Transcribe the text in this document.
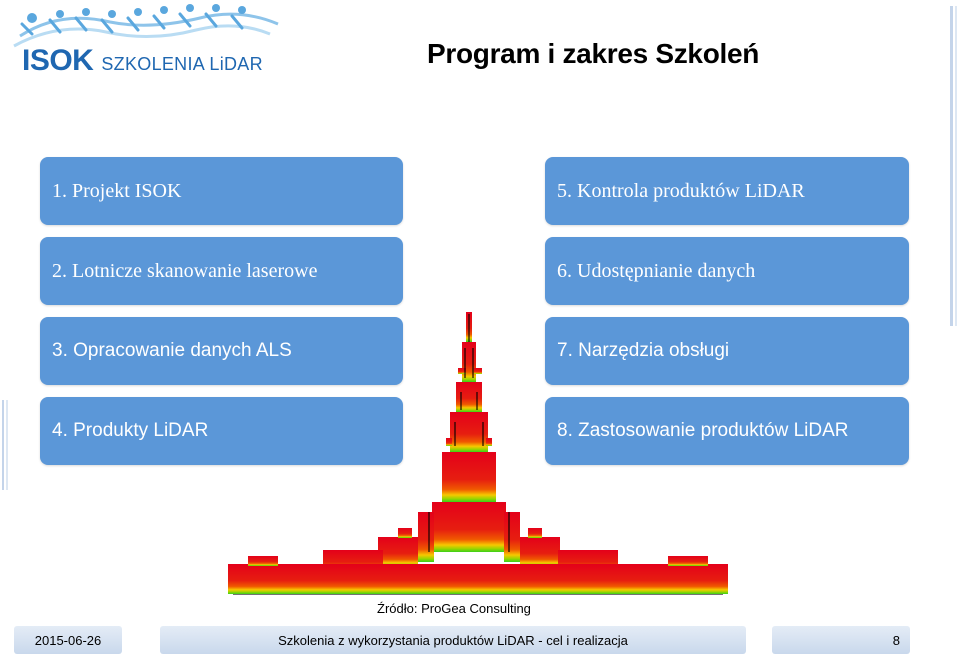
ISOK SZKOLENIA LiDAR	Program i zakres Szkoleń
1. Projekt ISOK
2. Lotnicze skanowanie laserowe
3. Opracowanie danych ALS
4. Produkty LiDAR
5. Kontrola produktów LiDAR
6. Udostępnianie danych
7. Narzędzia obsługi
8. Zastosowanie produktów LiDAR
Źródło: ProGea Consulting
2015-06-26	Szkolenia z wykorzystania produktów LiDAR - cel i realizacja	8
